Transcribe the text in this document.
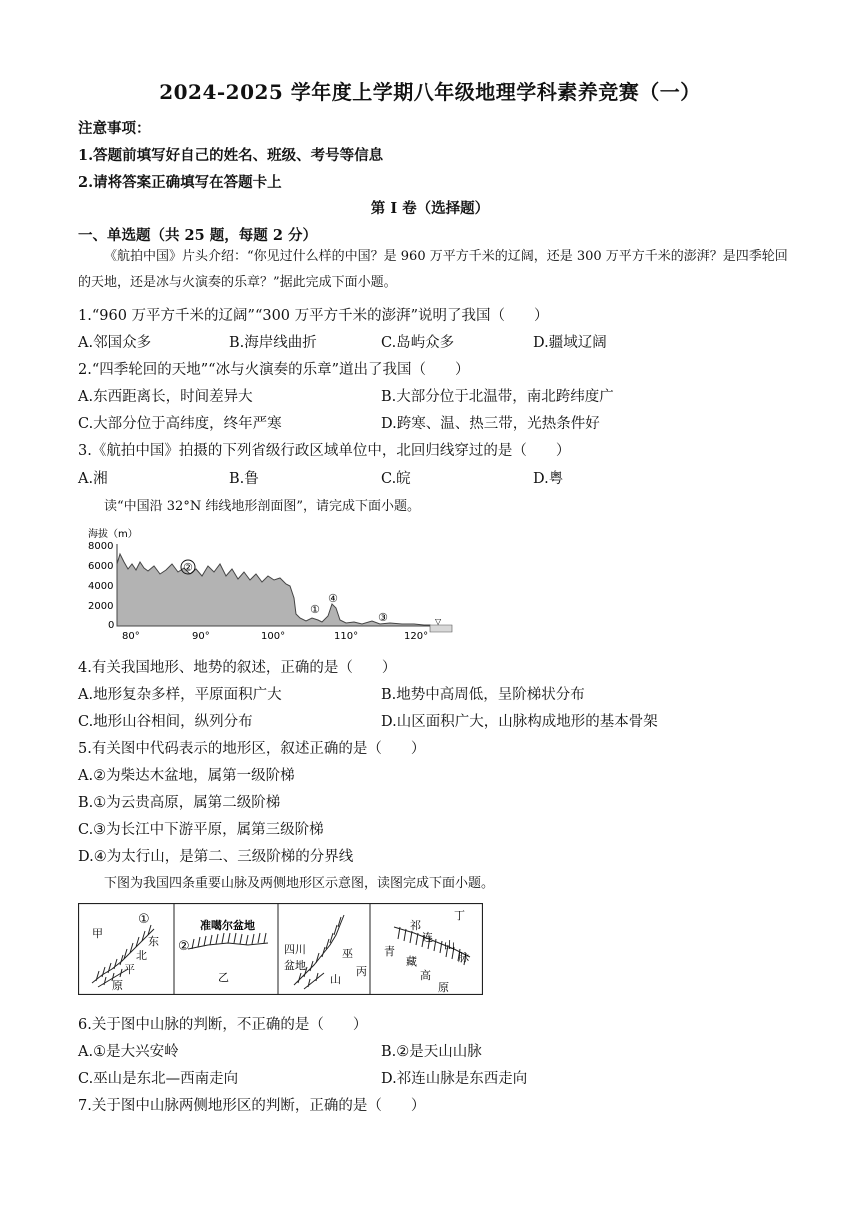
2024-2025 学年度上学期八年级地理学科素养竞赛（一）
注意事项：
1.答题前填写好自己的姓名、班级、考号等信息
2.请将答案正确填写在答题卡上
第 I 卷（选择题）
一、单选题（共 25 题，每题 2 分）
《航拍中国》片头介绍：“你见过什么样的中国？是 960 万平方千米的辽阔，还是 300 万平方千米的澎湃？是四季轮回的天地，还是冰与火演奏的乐章？”据此完成下面小题。
1.“960 万平方千米的辽阔”“300 万平方千米的澎湃”说明了我国（　　）
A.邻国众多	B.海岸线曲折	C.岛屿众多	D.疆域辽阔
2.“四季轮回的天地”“冰与火演奏的乐章”道出了我国（　　）
A.东西距离长，时间差异大	B.大部分位于北温带，南北跨纬度广
C.大部分位于高纬度，终年严寒	D.跨寒、温、热三带，光热条件好
3.《航拍中国》拍摄的下列省级行政区域单位中，北回归线穿过的是（　　）
A.湘	B.鲁	C.皖	D.粤
读“中国沿 32°N 纬线地形剖面图”，请完成下面小题。
海拔（m）
8000
6000
4000
2000
0	▽
②
①
④
③
80°	90°	100°	110°	120°
4.有关我国地形、地势的叙述，正确的是（　　）
A.地形复杂多样，平原面积广大	B.地势中高周低，呈阶梯状分布
C.地形山谷相间，纵列分布	D.山区面积广大，山脉构成地形的基本骨架
5.有关图中代码表示的地形区，叙述正确的是（　　）
A.②为柴达木盆地，属第一级阶梯
B.①为云贵高原，属第二级阶梯
C.③为长江中下游平原，属第三级阶梯
D.④为太行山，是第二、三级阶梯的分界线
下图为我国四条重要山脉及两侧地形区示意图，读图完成下面小题。
甲
①
东
北
平
原
②
准噶尔盆地
乙
四川
盆地
巫
山
丙
丁
祁
连
山
脉
青
藏
高
原
6.关于图中山脉的判断，不正确的是（　　）
A.①是大兴安岭	B.②是天山山脉
C.巫山是东北—西南走向	D.祁连山脉是东西走向
7.关于图中山脉两侧地形区的判断，正确的是（　　）
